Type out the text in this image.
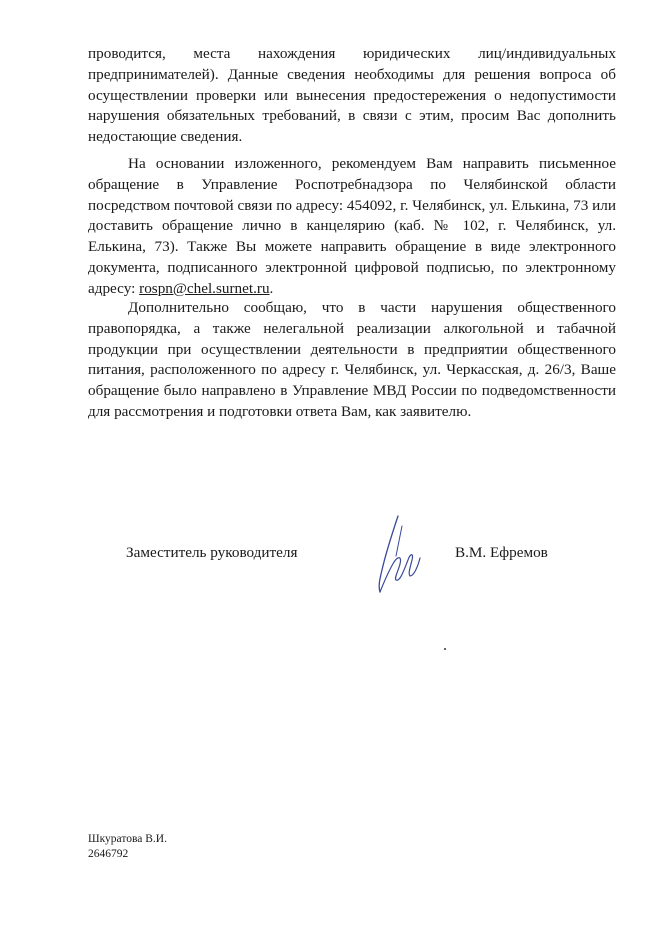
проводится, места нахождения юридических лиц/индивидуальных предпринимателей). Данные сведения необходимы для решения вопроса об осуществлении проверки или вынесения предостережения о недопустимости нарушения обязательных требований, в связи с этим, просим Вас дополнить недостающие сведения.

На основании изложенного, рекомендуем Вам направить письменное обращение в Управление Роспотребнадзора по Челябинской области посредством почтовой связи по адресу: 454092, г. Челябинск, ул. Елькина, 73 или доставить обращение лично в канцелярию (каб. № 102, г. Челябинск, ул. Елькина, 73). Также Вы можете направить обращение в виде электронного документа, подписанного электронной цифровой подписью, по электронному адресу: rospn@chel.surnet.ru.

Дополнительно сообщаю, что в части нарушения общественного правопорядка, а также нелегальной реализации алкогольной и табачной продукции при осуществлении деятельности в предприятии общественного питания, расположенного по адресу г. Челябинск, ул. Черкасская, д. 26/3, Ваше обращение было направлено в Управление МВД России по подведомственности для рассмотрения и подготовки ответа Вам, как заявителю.

Заместитель руководителя	В.М. Ефремов

Шкуратова В.И.
2646792
